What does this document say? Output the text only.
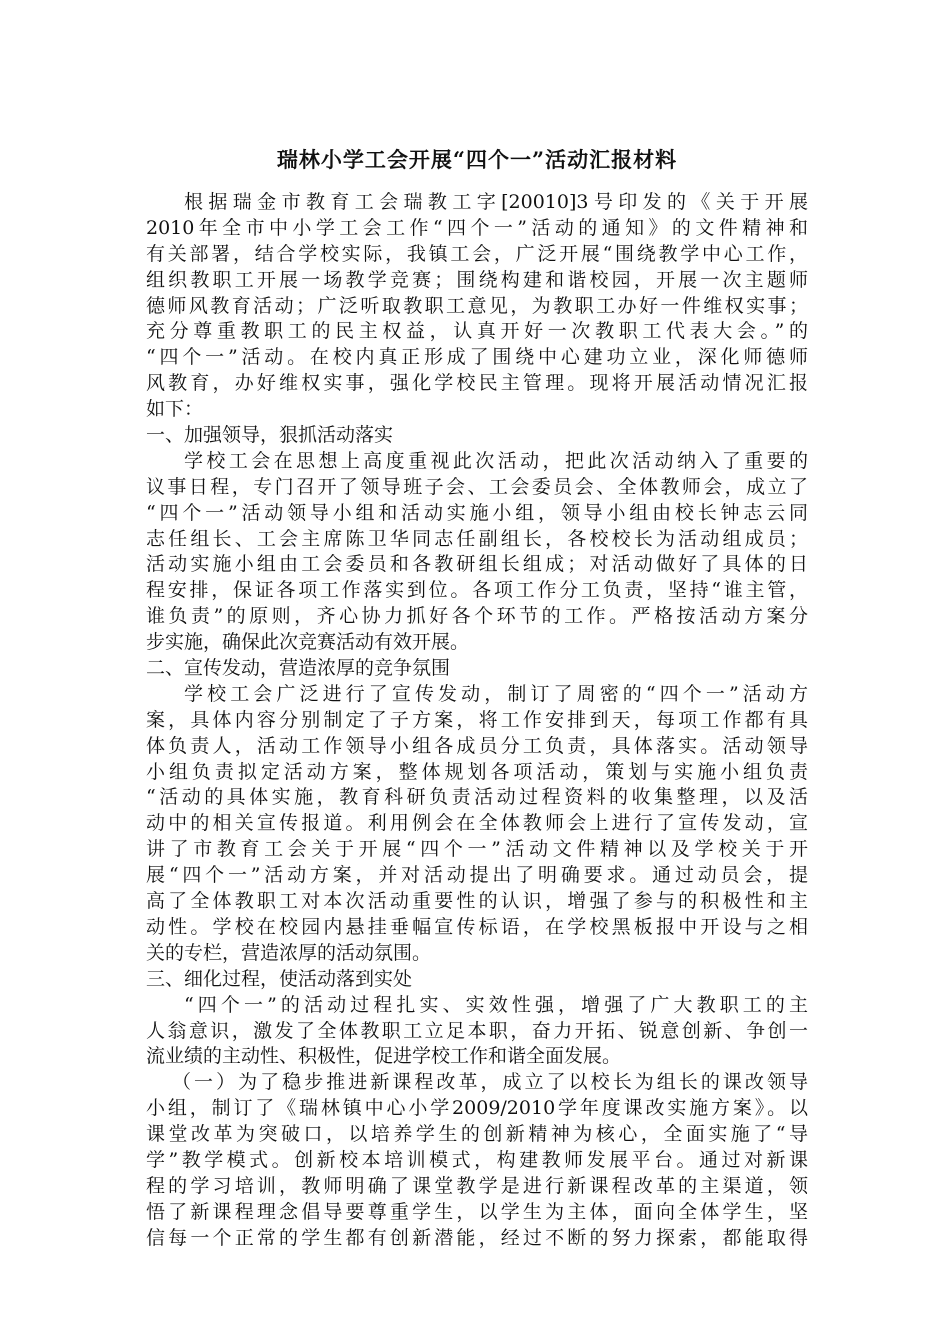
瑞林小学工会开展“四个一”活动汇报材料
根据瑞金市教育工会瑞教工字[20010]3号印发的《关于开展
2010年全市中小学工会工作“四个一”活动的通知》的文件精神和
有关部署，结合学校实际，我镇工会，广泛开展“围绕教学中心工作，
组织教职工开展一场教学竞赛；围绕构建和谐校园，开展一次主题师
德师风教育活动；广泛听取教职工意见，为教职工办好一件维权实事；
充分尊重教职工的民主权益，认真开好一次教职工代表大会。”的
“四个一”活动。在校内真正形成了围绕中心建功立业，深化师德师
风教育，办好维权实事，强化学校民主管理。现将开展活动情况汇报
如下：
一、加强领导，狠抓活动落实
学校工会在思想上高度重视此次活动，把此次活动纳入了重要的
议事日程，专门召开了领导班子会、工会委员会、全体教师会，成立了
“四个一”活动领导小组和活动实施小组，领导小组由校长钟志云同
志任组长、工会主席陈卫华同志任副组长，各校校长为活动组成员；
活动实施小组由工会委员和各教研组长组成；对活动做好了具体的日
程安排，保证各项工作落实到位。各项工作分工负责，坚持“谁主管，
谁负责”的原则，齐心协力抓好各个环节的工作。严格按活动方案分
步实施，确保此次竞赛活动有效开展。
二、宣传发动，营造浓厚的竞争氛围
学校工会广泛进行了宣传发动，制订了周密的“四个一”活动方
案，具体内容分别制定了子方案，将工作安排到天，每项工作都有具
体负责人，活动工作领导小组各成员分工负责，具体落实。活动领导
小组负责拟定活动方案，整体规划各项活动，策划与实施小组负责
“活动的具体实施，教育科研负责活动过程资料的收集整理，以及活
动中的相关宣传报道。利用例会在全体教师会上进行了宣传发动，宣
讲了市教育工会关于开展“四个一”活动文件精神以及学校关于开
展“四个一”活动方案，并对活动提出了明确要求。通过动员会，提
高了全体教职工对本次活动重要性的认识，增强了参与的积极性和主
动性。学校在校园内悬挂垂幅宣传标语，在学校黑板报中开设与之相
关的专栏，营造浓厚的活动氛围。
三、细化过程，使活动落到实处
“四个一”的活动过程扎实、实效性强，增强了广大教职工的主
人翁意识，激发了全体教职工立足本职，奋力开拓、锐意创新、争创一
流业绩的主动性、积极性，促进学校工作和谐全面发展。
（一）为了稳步推进新课程改革，成立了以校长为组长的课改领导
小组，制订了《瑞林镇中心小学2009/2010学年度课改实施方案》。以
课堂改革为突破口，以培养学生的创新精神为核心，全面实施了“导
学”教学模式。创新校本培训模式，构建教师发展平台。通过对新课
程的学习培训，教师明确了课堂教学是进行新课程改革的主渠道，领
悟了新课程理念倡导要尊重学生，以学生为主体，面向全体学生，坚
信每一个正常的学生都有创新潜能，经过不断的努力探索，都能取得
